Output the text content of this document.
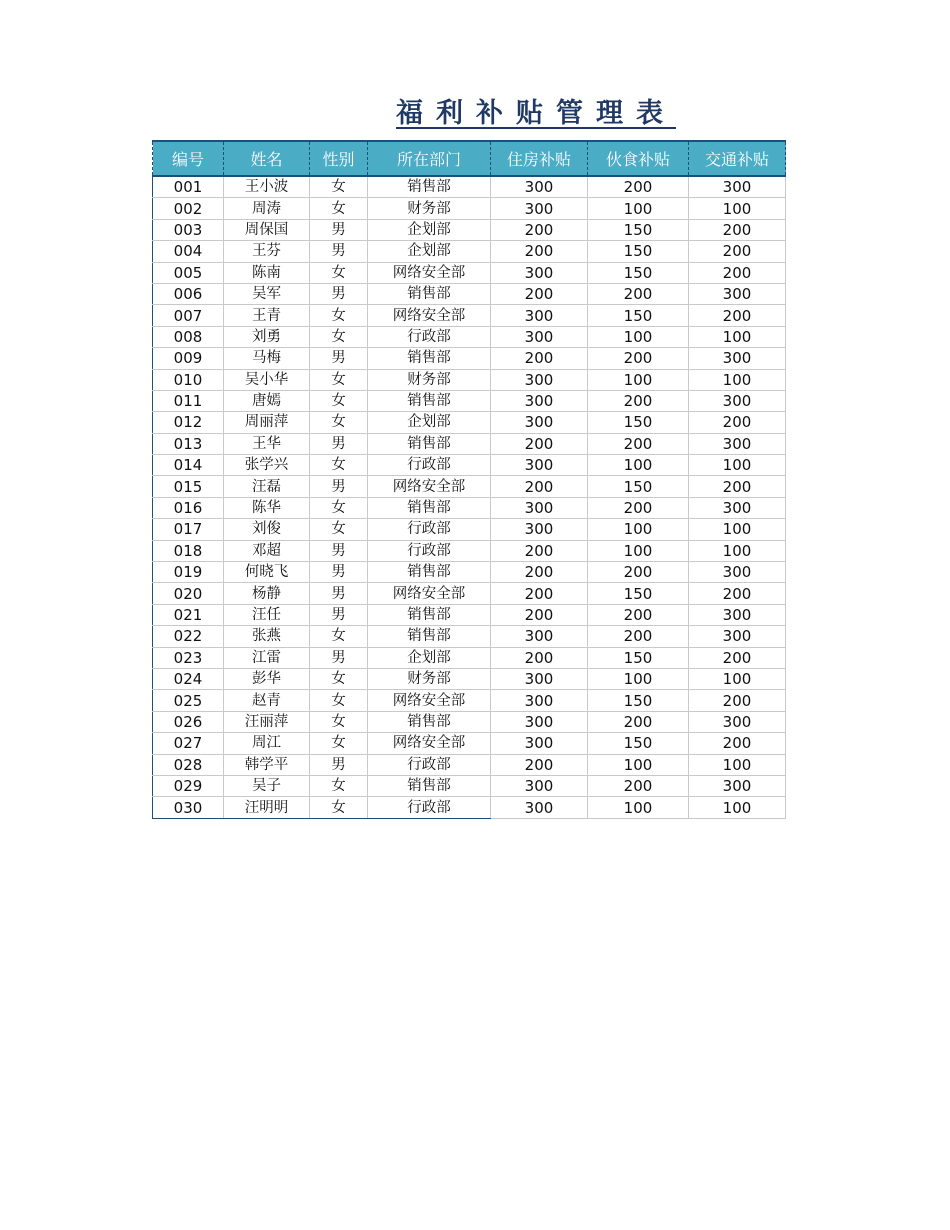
福利补贴管理表
编号	姓名	性别	所在部门	住房补贴	伙食补贴	交通补贴
001	王小波	女	销售部	300	200	300
002	周涛	女	财务部	300	100	100
003	周保国	男	企划部	200	150	200
004	王芬	男	企划部	200	150	200
005	陈南	女	网络安全部	300	150	200
006	吴军	男	销售部	200	200	300
007	王青	女	网络安全部	300	150	200
008	刘勇	女	行政部	300	100	100
009	马梅	男	销售部	200	200	300
010	吴小华	女	财务部	300	100	100
011	唐嫣	女	销售部	300	200	300
012	周丽萍	女	企划部	300	150	200
013	王华	男	销售部	200	200	300
014	张学兴	女	行政部	300	100	100
015	汪磊	男	网络安全部	200	150	200
016	陈华	女	销售部	300	200	300
017	刘俊	女	行政部	300	100	100
018	邓超	男	行政部	200	100	100
019	何晓飞	男	销售部	200	200	300
020	杨静	男	网络安全部	200	150	200
021	汪任	男	销售部	200	200	300
022	张燕	女	销售部	300	200	300
023	江雷	男	企划部	200	150	200
024	彭华	女	财务部	300	100	100
025	赵青	女	网络安全部	300	150	200
026	汪丽萍	女	销售部	300	200	300
027	周江	女	网络安全部	300	150	200
028	韩学平	男	行政部	200	100	100
029	吴子	女	销售部	300	200	300
030	汪明明	女	行政部	300	100	100
